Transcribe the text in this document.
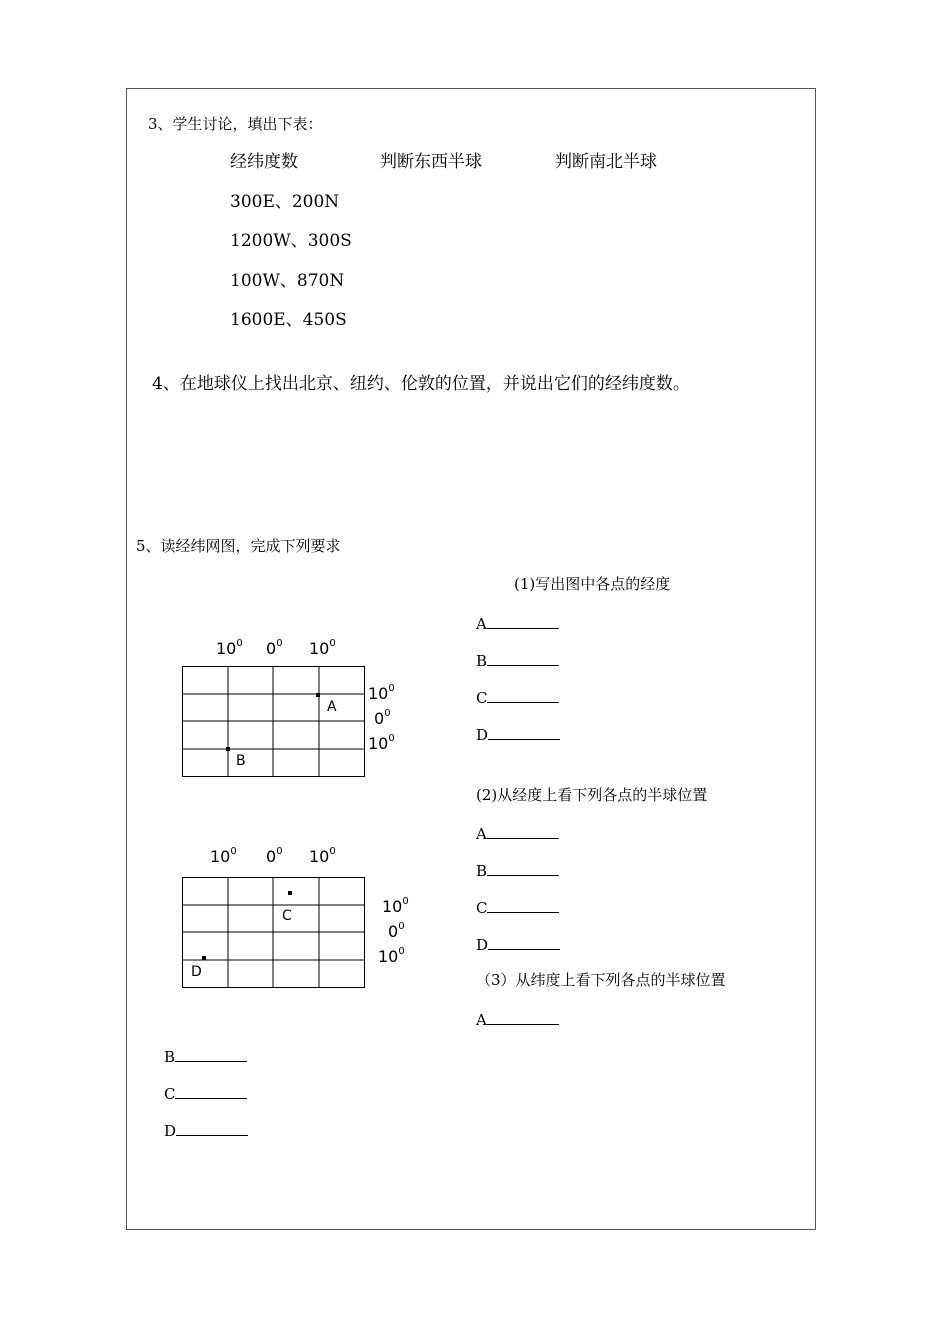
3、学生讨论，填出下表：
经纬度数	判断东西半球	判断南北半球
300E、200N
1200W、300S
100W、870N
1600E、450S
4、在地球仪上找出北京、纽约、伦敦的位置，并说出它们的经纬度数。
5、读经纬网图，完成下列要求
(1)写出图中各点的经度
A
B
C
D
(2)从经度上看下列各点的半球位置
A
B
C
D
（3）从纬度上看下列各点的半球位置
A
B
C
D
$10^0$ $0^0$ $10^0$
$10^0$
$0^0$
$10^0$
A
B
$10^0$ $0^0$ $10^0$
$10^0$
$0^0$
$10^0$
C
D
